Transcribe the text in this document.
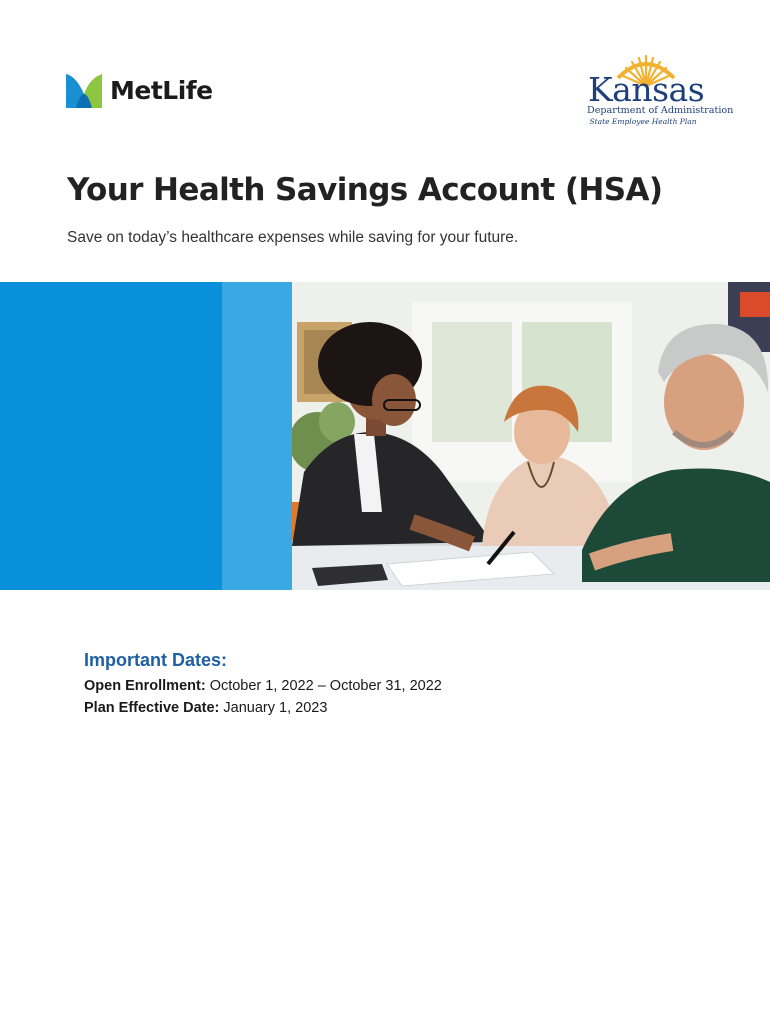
MetLife	Kansas
Department of Administration
State Employee Health Plan
Your Health Savings Account (HSA)

Save on today’s healthcare expenses while saving for your future.

Important Dates:
Open Enrollment: October 1, 2022 – October 31, 2022
Plan Effective Date: January 1, 2023
